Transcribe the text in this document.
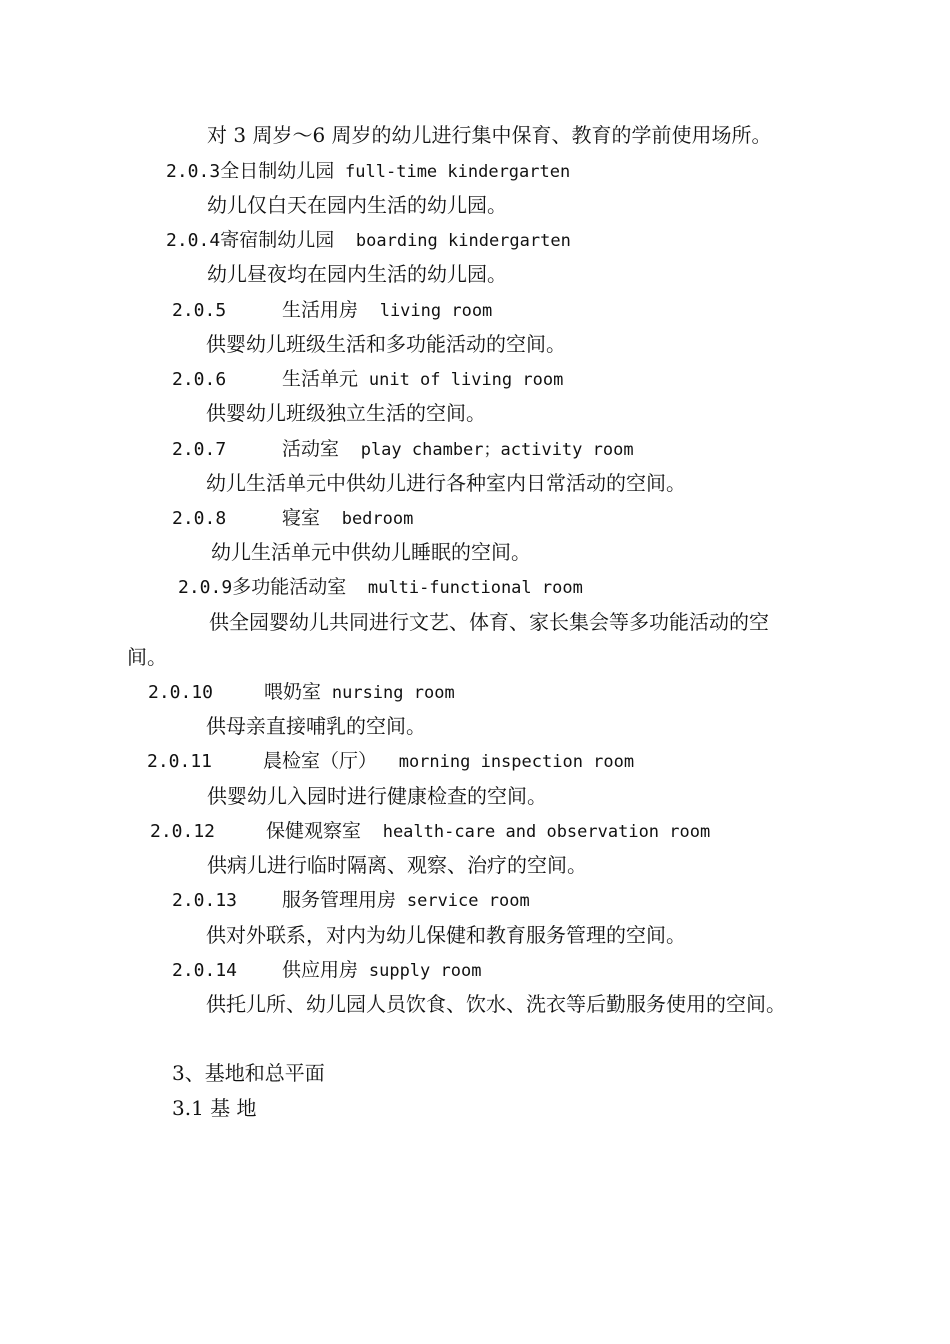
对 3 周岁～6 周岁的幼儿进行集中保育、教育的学前使用场所。
2.0.3全日制幼儿园 full-time kindergarten
幼儿仅白天在园内生活的幼儿园。
2.0.4寄宿制幼儿园 boarding kindergarten
幼儿昼夜均在园内生活的幼儿园。
2.0.5	生活用房 living room
供婴幼儿班级生活和多功能活动的空间。
2.0.6	生活单元 unit of living room
供婴幼儿班级独立生活的空间。
2.0.7	活动室 play chamber；activity room
幼儿生活单元中供幼儿进行各种室内日常活动的空间。
2.0.8	寝室 bedroom
幼儿生活单元中供幼儿睡眠的空间。
2.0.9多功能活动室 multi-functional room
供全园婴幼儿共同进行文艺、体育、家长集会等多功能活动的空
间。
2.0.10	喂奶室 nursing room
供母亲直接哺乳的空间。
2.0.11	晨检室（厅） morning inspection room
供婴幼儿入园时进行健康检查的空间。
2.0.12	保健观察室 health-care and observation room
供病儿进行临时隔离、观察、治疗的空间。
2.0.13 服务管理用房 service room
供对外联系，对内为幼儿保健和教育服务管理的空间。
2.0.14 供应用房 supply room
供托儿所、幼儿园人员饮食、饮水、洗衣等后勤服务使用的空间。
3、基地和总平面
3.1 基 地
